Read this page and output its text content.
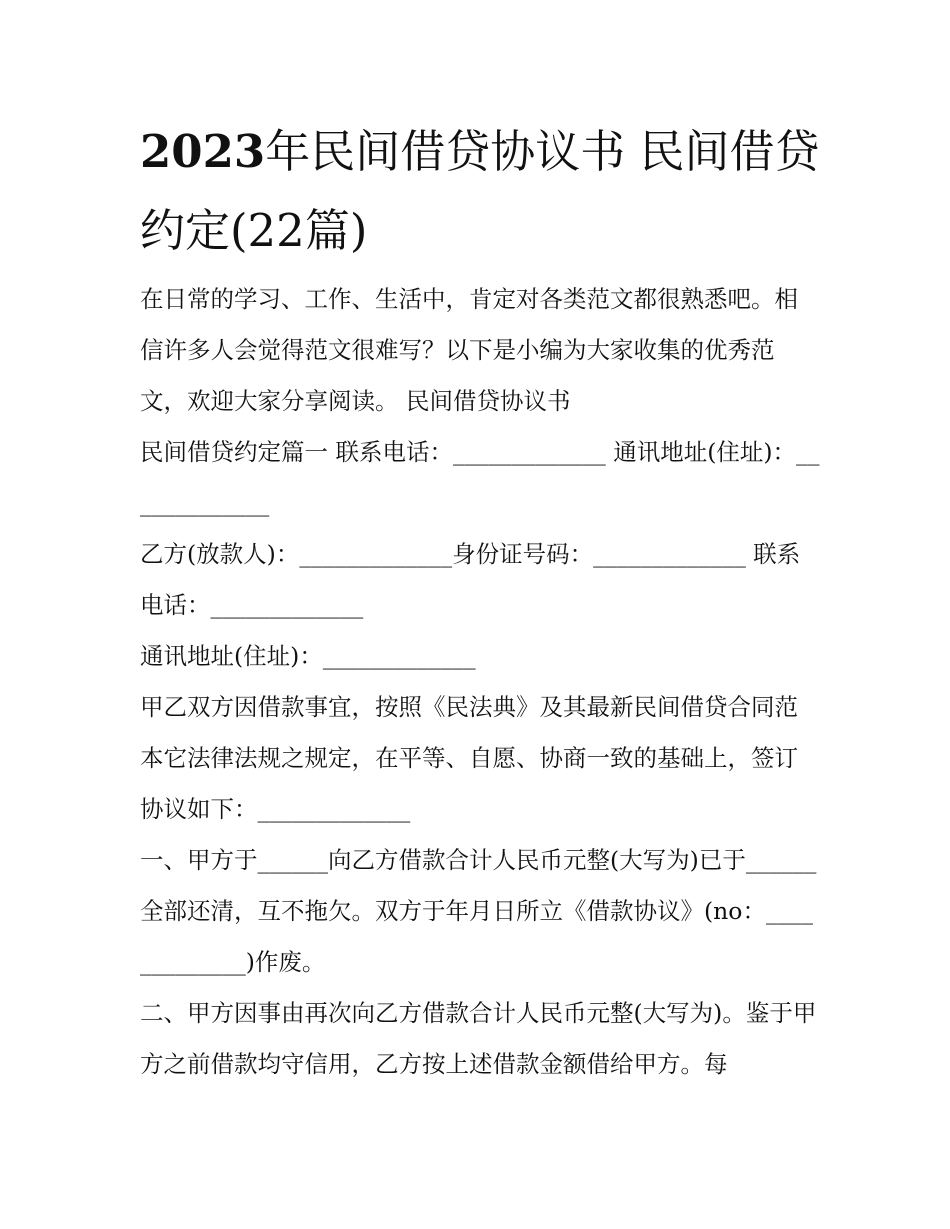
2023年民间借贷协议书 民间借贷约定(22篇)

在日常的学习、工作、生活中，肯定对各类范文都很熟悉吧。相信许多人会觉得范文很难写？以下是小编为大家收集的优秀范文，欢迎大家分享阅读。 民间借贷协议书

民间借贷约定篇一 联系电话：_____________ 通讯地址(住址)：_____________

乙方(放款人)：_____________身份证号码：_____________ 联系电话：_____________

通讯地址(住址)：_____________

甲乙双方因借款事宜，按照《民法典》及其最新民间借贷合同范本它法律法规之规定，在平等、自愿、协商一致的基础上，签订协议如下：_____________

一、甲方于______向乙方借款合计人民币元整(大写为)已于______全部还清，互不拖欠。双方于年月日所立《借款协议》(no：_____________)作废。

二、甲方因事由再次向乙方借款合计人民币元整(大写为)。鉴于甲方之前借款均守信用，乙方按上述借款金额借给甲方。每
